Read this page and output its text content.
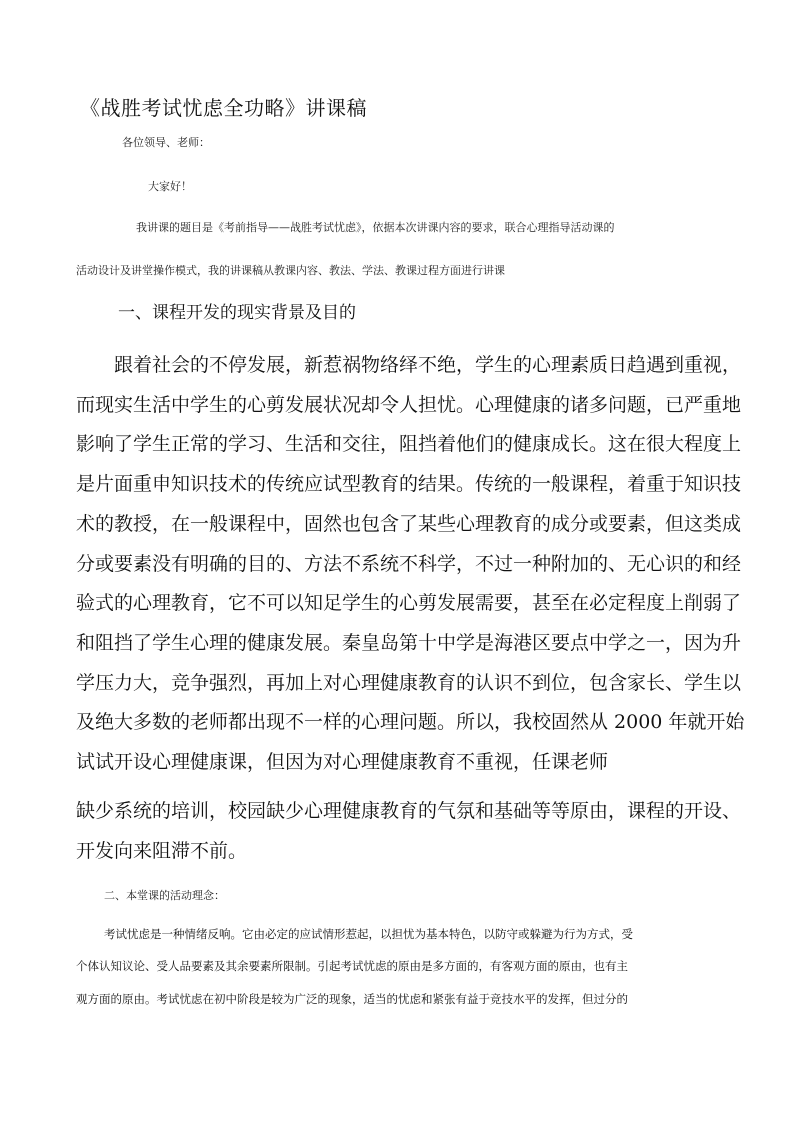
《战胜考试忧虑全功略》讲课稿

各位领导、老师：

大家好！

我讲课的题目是《考前指导——战胜考试忧虑》，依据本次讲课内容的要求，联合心理指导活动课的

活动设计及讲堂操作模式，我的讲课稿从教课内容、教法、学法、教课过程方面进行讲课

一、课程开发的现实背景及目的

跟着社会的不停发展，新惹祸物络绎不绝，学生的心理素质日趋遇到重视，
而现实生活中学生的心剪发展状况却令人担忧。心理健康的诸多问题，已严重地
影响了学生正常的学习、生活和交往，阻挡着他们的健康成长。这在很大程度上
是片面重申知识技术的传统应试型教育的结果。传统的一般课程，着重于知识技
术的教授，在一般课程中，固然也包含了某些心理教育的成分或要素，但这类成
分或要素没有明确的目的、方法不系统不科学，不过一种附加的、无心识的和经
验式的心理教育，它不可以知足学生的心剪发展需要，甚至在必定程度上削弱了
和阻挡了学生心理的健康发展。秦皇岛第十中学是海港区要点中学之一，因为升
学压力大，竞争强烈，再加上对心理健康教育的认识不到位，包含家长、学生以
及绝大多数的老师都出现不一样的心理问题。所以，我校固然从 2000 年就开始
试试开设心理健康课，但因为对心理健康教育不重视，任课老师
缺少系统的培训，校园缺少心理健康教育的气氛和基础等等原由，课程的开设、
开发向来阻滞不前。

二、本堂课的活动理念：

考试忧虑是一种情绪反响。它由必定的应试情形惹起，以担忧为基本特色，以防守或躲避为行为方式，受

个体认知议论、受人品要素及其余要素所限制。引起考试忧虑的原由是多方面的，有客观方面的原由，也有主

观方面的原由。考试忧虑在初中阶段是较为广泛的现象，适当的忧虑和紧张有益于竞技水平的发挥，但过分的
